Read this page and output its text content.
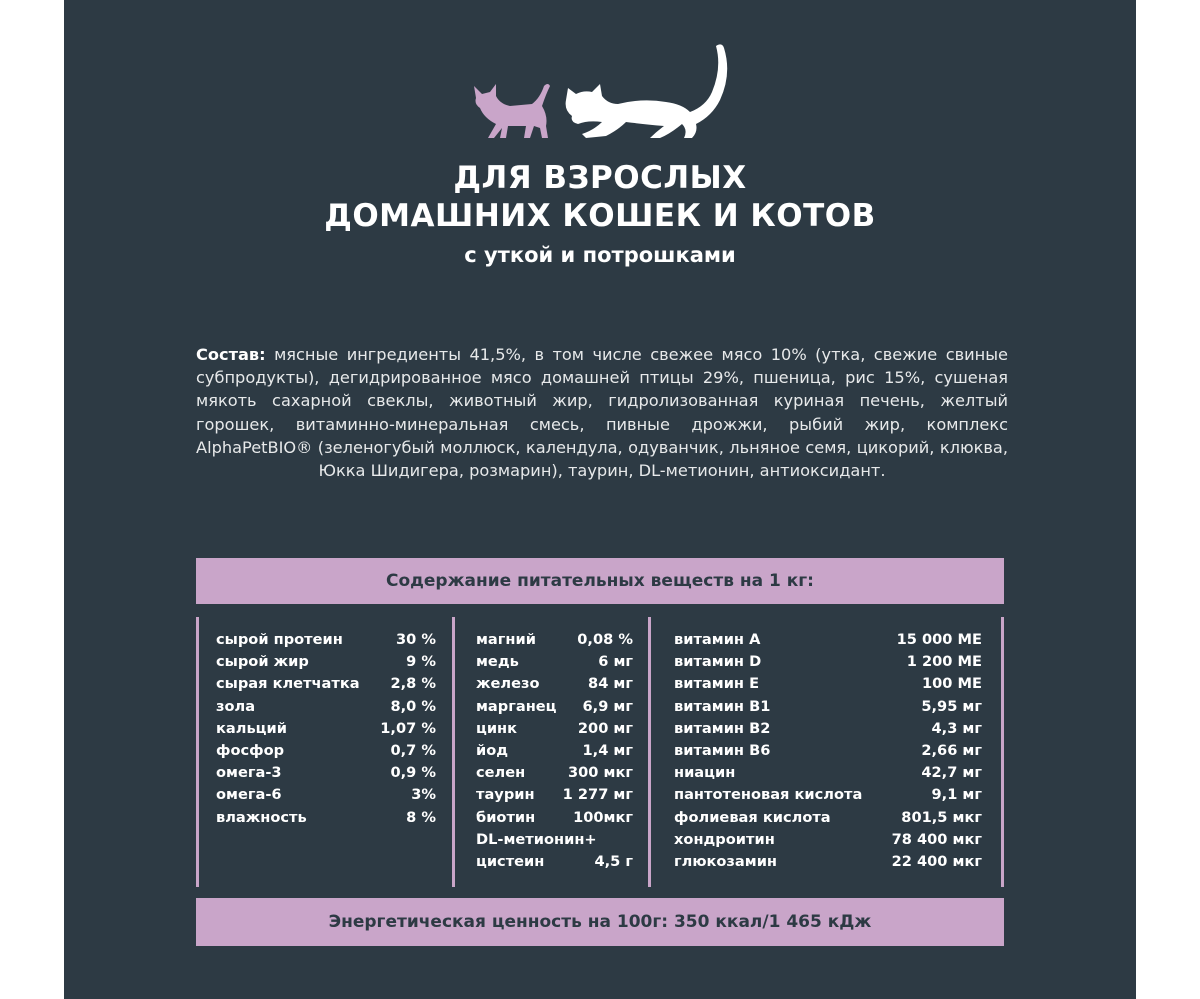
ДЛЯ ВЗРОСЛЫХ
ДОМАШНИХ КОШЕК И КОТОВ
с уткой и потрошками
Состав: мясные ингредиенты 41,5%, в том числе свежее мясо 10% (утка, свежие свиные субпродукты), дегидрированное мясо домашней птицы 29%, пшеница, рис 15%, сушеная мякоть сахарной свеклы, животный жир, гидролизованная куриная печень, желтый горошек, витаминно-минеральная смесь, пивные дрожжи, рыбий жир, комплекс AlphaPetBIO® (зеленогубый моллюск, календула, одуванчик, льняное семя, цикорий, клюква, Юкка Шидигера, розмарин), таурин, DL-метионин, антиоксидант.
Содержание питательных веществ на 1 кг:
сырой протеин	30 %
сырой жир	9 %
сырая клетчатка 2,8 %
зола	8,0 %
кальций	1,07 %
фосфор	0,7 %
омега-3	0,9 %
омега-6	3%
влажность	8 %
магний	0,08 %
медь	6 мг
железо	84 мг
марганец 6,9 мг
цинк	200 мг
йод	1,4 мг
селен	300 мкг
таурин 1 277 мг
биотин	100мкг
DL-метионин+
цистеин	4,5 г
витамин А	15 000 МЕ
витамин D	1 200 МЕ
витамин Е	100 МЕ
витамин В1	5,95 мг
витамин В2	4,3 мг
витамин В6	2,66 мг
ниацин	42,7 мг
пантотеновая кислота	9,1 мг
фолиевая кислота	801,5 мкг
хондроитин	78 400 мкг
глюкозамин	22 400 мкг
Энергетическая ценность на 100г: 350 ккал/1 465 кДж
